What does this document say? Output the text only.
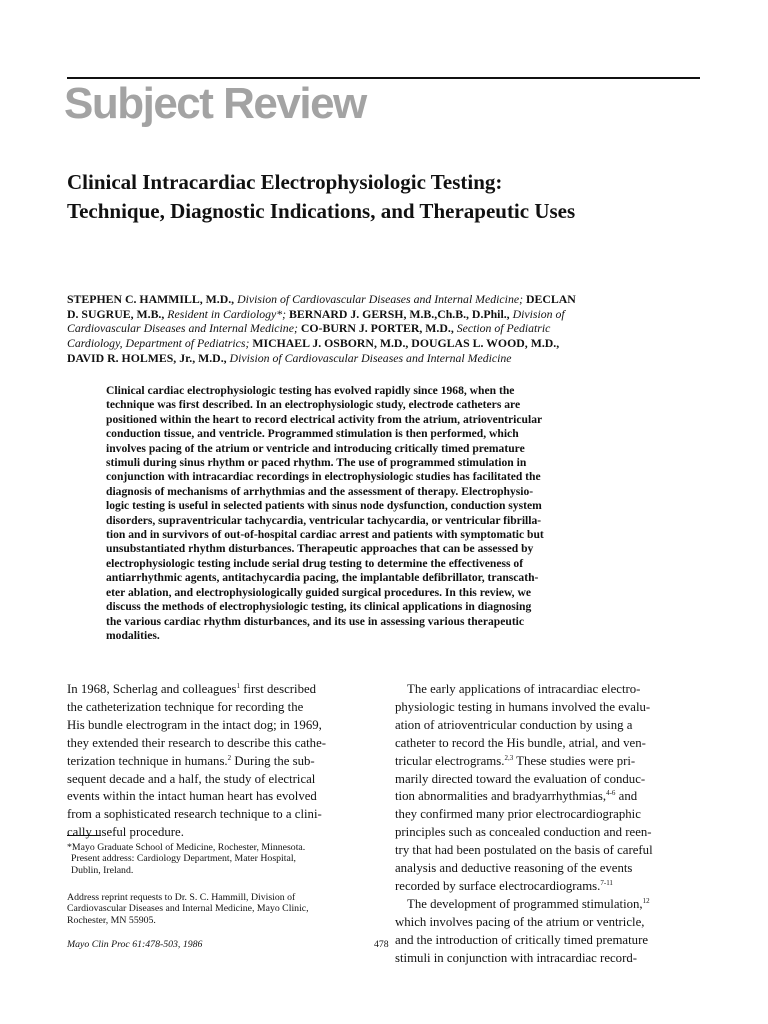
Subject Review
Clinical Intracardiac Electrophysiologic Testing:
Technique, Diagnostic Indications, and Therapeutic Uses
STEPHEN C. HAMMILL, M.D., Division of Cardiovascular Diseases and Internal Medicine; DECLAN
D. SUGRUE, M.B., Resident in Cardiology*; BERNARD J. GERSH, M.B.,Ch.B., D.Phil., Division of
Cardiovascular Diseases and Internal Medicine; CO-BURN J. PORTER, M.D., Section of Pediatric
Cardiology, Department of Pediatrics; MICHAEL J. OSBORN, M.D., DOUGLAS L. WOOD, M.D.,
DAVID R. HOLMES, Jr., M.D., Division of Cardiovascular Diseases and Internal Medicine
Clinical cardiac electrophysiologic testing has evolved rapidly since 1968, when the
technique was first described. In an electrophysiologic study, electrode catheters are
positioned within the heart to record electrical activity from the atrium, atrioventricular
conduction tissue, and ventricle. Programmed stimulation is then performed, which
involves pacing of the atrium or ventricle and introducing critically timed premature
stimuli during sinus rhythm or paced rhythm. The use of programmed stimulation in
conjunction with intracardiac recordings in electrophysiologic studies has facilitated the
diagnosis of mechanisms of arrhythmias and the assessment of therapy. Electrophysio-
logic testing is useful in selected patients with sinus node dysfunction, conduction system
disorders, supraventricular tachycardia, ventricular tachycardia, or ventricular fibrilla-
tion and in survivors of out-of-hospital cardiac arrest and patients with symptomatic but
unsubstantiated rhythm disturbances. Therapeutic approaches that can be assessed by
electrophysiologic testing include serial drug testing to determine the effectiveness of
antiarrhythmic agents, antitachycardia pacing, the implantable defibrillator, transcath-
eter ablation, and electrophysiologically guided surgical procedures. In this review, we
discuss the methods of electrophysiologic testing, its clinical applications in diagnosing
the various cardiac rhythm disturbances, and its use in assessing various therapeutic
modalities.
In 1968, Scherlag and colleagues$^1$ first described
the catheterization technique for recording the
His bundle electrogram in the intact dog; in 1969,
they extended their research to describe this cathe-
terization technique in humans.$^2$ During the sub-
sequent decade and a half, the study of electrical
events within the intact human heart has evolved
from a sophisticated research technique to a clini-
cally useful procedure.
*Mayo Graduate School of Medicine, Rochester, Minnesota.
Present address: Cardiology Department, Mater Hospital,
Dublin, Ireland.
Address reprint requests to Dr. S. C. Hammill, Division of
Cardiovascular Diseases and Internal Medicine, Mayo Clinic,
Rochester, MN 55905.
The early applications of intracardiac electro-
physiologic testing in humans involved the evalu-
ation of atrioventricular conduction by using a
catheter to record the His bundle, atrial, and ven-
tricular electrograms.$^{2,3}$ These studies were pri-
marily directed toward the evaluation of conduc-
tion abnormalities and bradyarrhythmias,$^{4-6}$ and
they confirmed many prior electrocardiographic
principles such as concealed conduction and reen-
try that had been postulated on the basis of careful
analysis and deductive reasoning of the events
recorded by surface electrocardiograms.$^{7-11}$
The development of programmed stimulation,$^{12}$
which involves pacing of the atrium or ventricle,
and the introduction of critically timed premature
stimuli in conjunction with intracardiac record-
Mayo Clin Proc 61:478-503, 1986	478
